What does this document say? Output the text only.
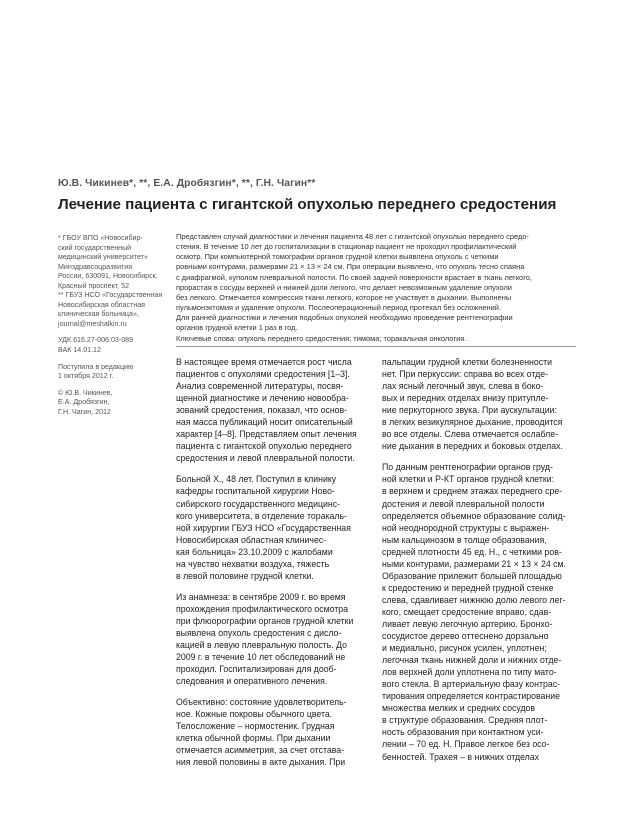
Ю.В. Чикинев*, **, Е.А. Дробязгин*, **, Г.Н. Чагин**
Лечение пациента с гигантской опухолью переднего средостения

* ГБОУ ВПО «Новосибир-

ский государственный

медицинский университет»

Минздравсоцразвития

России, 630091, Новосибирск,

Красный проспект, 52

** ГБУЗ НСО «Государственная

Новосибирская областная

клиническая больница»,

journal@meshalkin.ru

УДК 616.27-006.03-089

ВАК 14.01.12

Поступила в редакцию

1 октября 2012 г.

© Ю.В. Чикинев,

Е.А. Дробязгин,

Г.Н. Чагин, 2012

Представлен случай диагностики и лечения пациента 48 лет с гигантской опухолью переднего средо-

стения. В течение 10 лет до госпитализации в стационар пациент не проходил профилактический

осмотр. При компьютерной томографии органов грудной клетки выявлена опухоль с четкими

ровными контурами, размерами 21 × 13 × 24 см. При операции выявлено, что опухоль тесно спаяна

с диафрагмой, куполом плевральной полости. По своей задней поверхности врастает в ткань легкого,

прорастая в сосуды верхней и нижней доли легкого, что делает невозможным удаление опухоли

без легкого. Отмечается компрессия ткани легкого, которое не участвует в дыхании. Выполнены

пульмонэктомия и удаление опухоли. Послеоперационный период протекал без осложнений.

Для ранней диагностики и лечения подобных опухолей необходимо проведение рентгенографии

органов грудной клетки 1 раз в год.

Ключевые слова: опухоль переднего средостения; тимома; торакальная онкология.

В настоящее время отмечается рост числа
пациентов с опухолями средостения [1–3].
Анализ современной литературы, посвя-
щенной диагностике и лечению новообра-
зований средостения, показал, что основ-
ная масса публикаций носит описательный
характер [4–8]. Представляем опыт лечения
пациента с гигантской опухолью переднего
средостения и левой плевральной полости.

Больной Х., 48 лет. Поступил в клинику
кафедры госпитальной хирургии Ново-
сибирского государственного медицинс-
кого университета, в отделение торакаль-
ной хирургии ГБУЗ НСО «Государственная
Новосибирская областная клиничес-
кая больница» 23.10.2009 с жалобами
на чувство нехватки воздуха, тяжесть
в левой половине грудной клетки.

Из анамнеза: в сентябре 2009 г. во время
прохождения профилактического осмотра
при флюорографии органов грудной клетки
выявлена опухоль средостения с дисло-
кацией в левую плевральную полость. До
2009 г. в течение 10 лет обследований не
проходил. Госпитализирован для дооб-
следования и оперативного лечения.

Объективно: состояние удовлетворитель-
ное. Кожные покровы обычного цвета.
Телосложение – нормостеник. Грудная
клетка обычной формы. При дыхании
отмечается асимметрия, за счет отстава-
ния левой половины в акте дыхания. При

пальпации грудной клетки болезненности
нет. При перкуссии: справа во всех отде-
лах ясный легочный звук, слева в боко-
вых и передних отделах внизу притупле-
ние перкуторного звука. При аускультации:
в легких везикулярное дыхание, проводится
во все отделы. Слева отмечается ослабле-
ние дыхания в передних и боковых отделах.

По данным рентгенографии органов груд-
ной клетки и Р-КТ органов грудной клетки:
в верхнем и среднем этажах переднего сре-
достения и левой плевральной полости
определяется объемное образование солид-
ной неоднородной структуры с выражен-
ным кальцинозом в толще образования,
средней плотности 45 ед. Н., с четкими ров-
ными контурами, размерами 21 × 13 × 24 см.
Образование прилежит большей площадью
к средостению и передней грудной стенке
слева, сдавливает нижнюю долю левого лег-
кого, смещает средостение вправо, сдав-
ливает левую легочную артерию. Бронхо-
сосудистое дерево оттеснено дорзально
и медиально, рисунок усилен, уплотнен;
легочная ткань нижней доли и нижних отде-
лов верхней доли уплотнена по типу мато-
вого стекла. В артериальную фазу контрас-
тирования определяется контрастирование
множества мелких и средних сосудов
в структуре образования. Средняя плот-
ность образования при контактном уси-
лении – 70 ед. Н. Правое легкое без осо-
бенностей. Трахея – в нижних отделах
